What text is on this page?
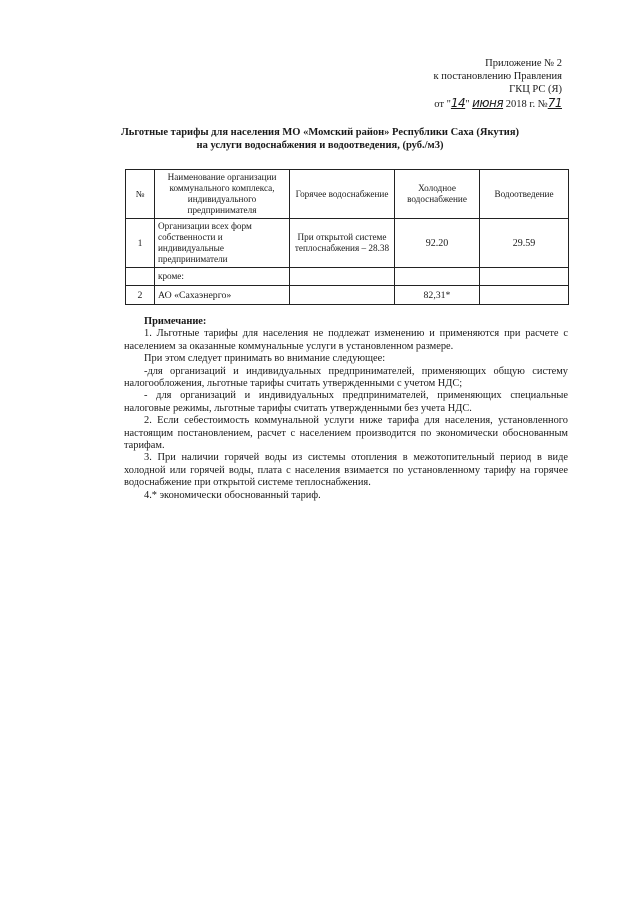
Приложение № 2
к постановлению Правления
ГКЦ РС (Я)
от "14" июня 2018 г. №71
Льготные тарифы для населения МО «Момский район» Республики Саха (Якутия)
на услуги водоснабжения и водоотведения, (руб./м3)
№	Наименование организации коммунального комплекса, индивидуального предпринимателя	Горячее водоснабжение	Холодное водоснабжение	Водоотведение
1	Организации всех форм собственности и индивидуальные предприниматели	При открытой системе теплоснабжения – 28.38	92.20	29.59
	кроме:			
2	АО «Сахаэнерго»		82,31*	

Примечание:

1. Льготные тарифы для населения не подлежат изменению и применяются при расчете с населением за оказанные коммунальные услуги в установленном размере.

При этом следует принимать во внимание следующее:

-для организаций и индивидуальных предпринимателей, применяющих общую систему налогообложения, льготные тарифы считать утвержденными с учетом НДС;

- для организаций и индивидуальных предпринимателей, применяющих специальные налоговые режимы, льготные тарифы считать утвержденными без учета НДС.

2. Если себестоимость коммунальной услуги ниже тарифа для населения, установленного настоящим постановлением, расчет с населением производится по экономически обоснованным тарифам.

3. При наличии горячей воды из системы отопления в межотопительный период в виде холодной или горячей воды, плата с населения взимается по установленному тарифу на горячее водоснабжение при открытой системе теплоснабжения.

4.* экономически обоснованный тариф.
